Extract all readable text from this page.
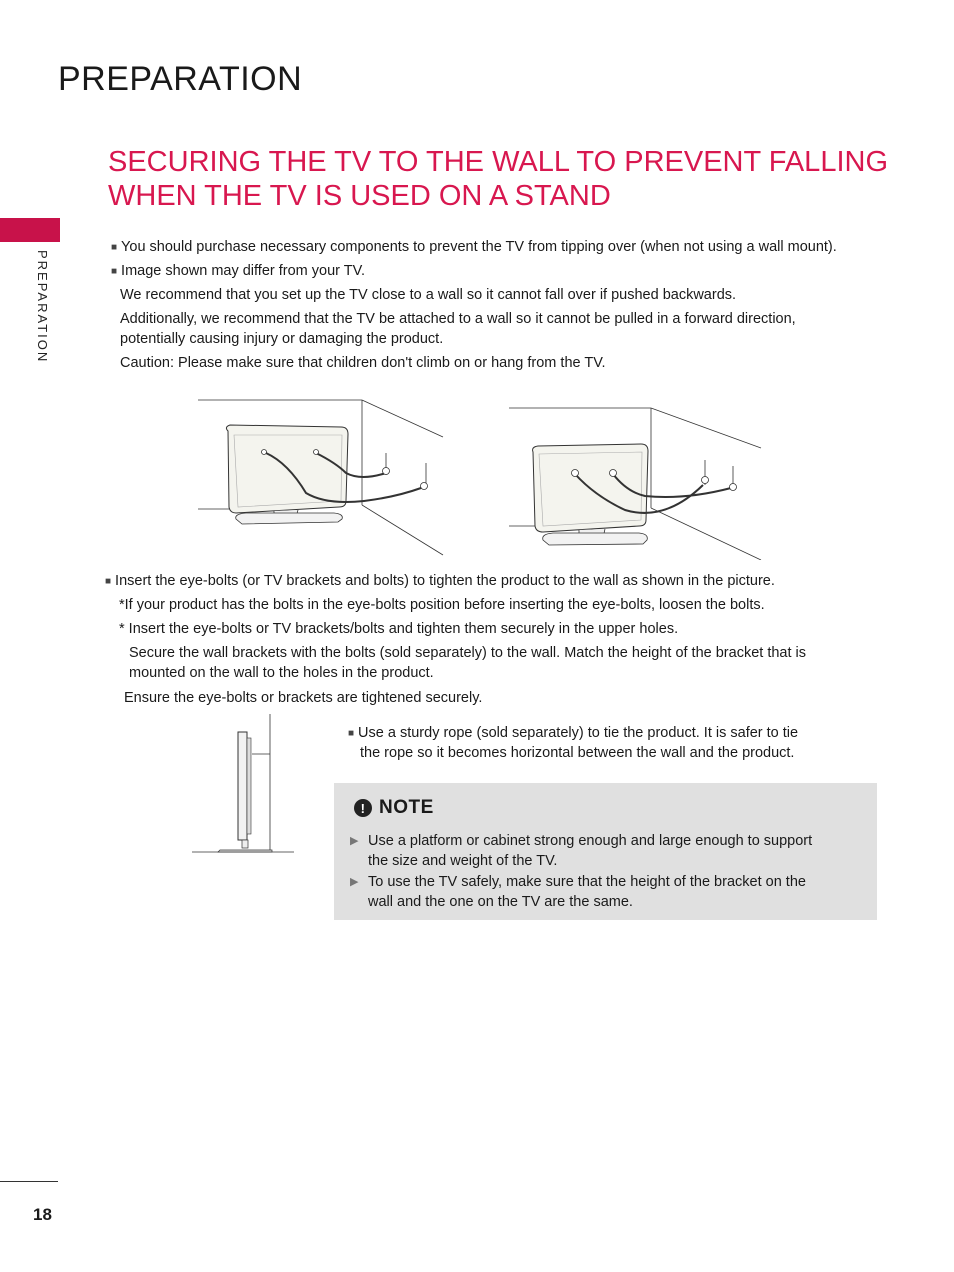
PREPARATION
PREPARATION
SECURING THE TV TO THE WALL TO PREVENT FALLING
WHEN THE TV IS USED ON A STAND
■ You should purchase necessary components to prevent the TV from tipping over (when not using a wall mount).
■ Image shown may differ from your TV.
We recommend that you set up the TV close to a wall so it cannot fall over if pushed backwards.
Additionally, we recommend that the TV be attached to a wall so it cannot be pulled in a forward direction,
potentially causing injury or damaging the product.
Caution: Please make sure that children don't climb on or hang from the TV.
■ Insert the eye-bolts (or TV brackets and bolts) to tighten the product to the wall as shown in the picture.
*If your product has the bolts in the eye-bolts position before inserting the eye-bolts, loosen the bolts.
* Insert the eye-bolts or TV brackets/bolts and tighten them securely in the upper holes.
Secure the wall brackets with the bolts (sold separately) to the wall. Match the height of the bracket that is
mounted on the wall to the holes in the product.
Ensure the eye-bolts or brackets are tightened securely.
■ Use a sturdy rope (sold separately) to tie the product. It is safer to tie
the rope so it becomes horizontal between the wall and the product.
! NOTE
▶ Use a platform or cabinet strong enough and large enough to support
the size and weight of the TV.
▶ To use the TV safely, make sure that the height of the bracket on the
wall and the one on the TV are the same.
18
